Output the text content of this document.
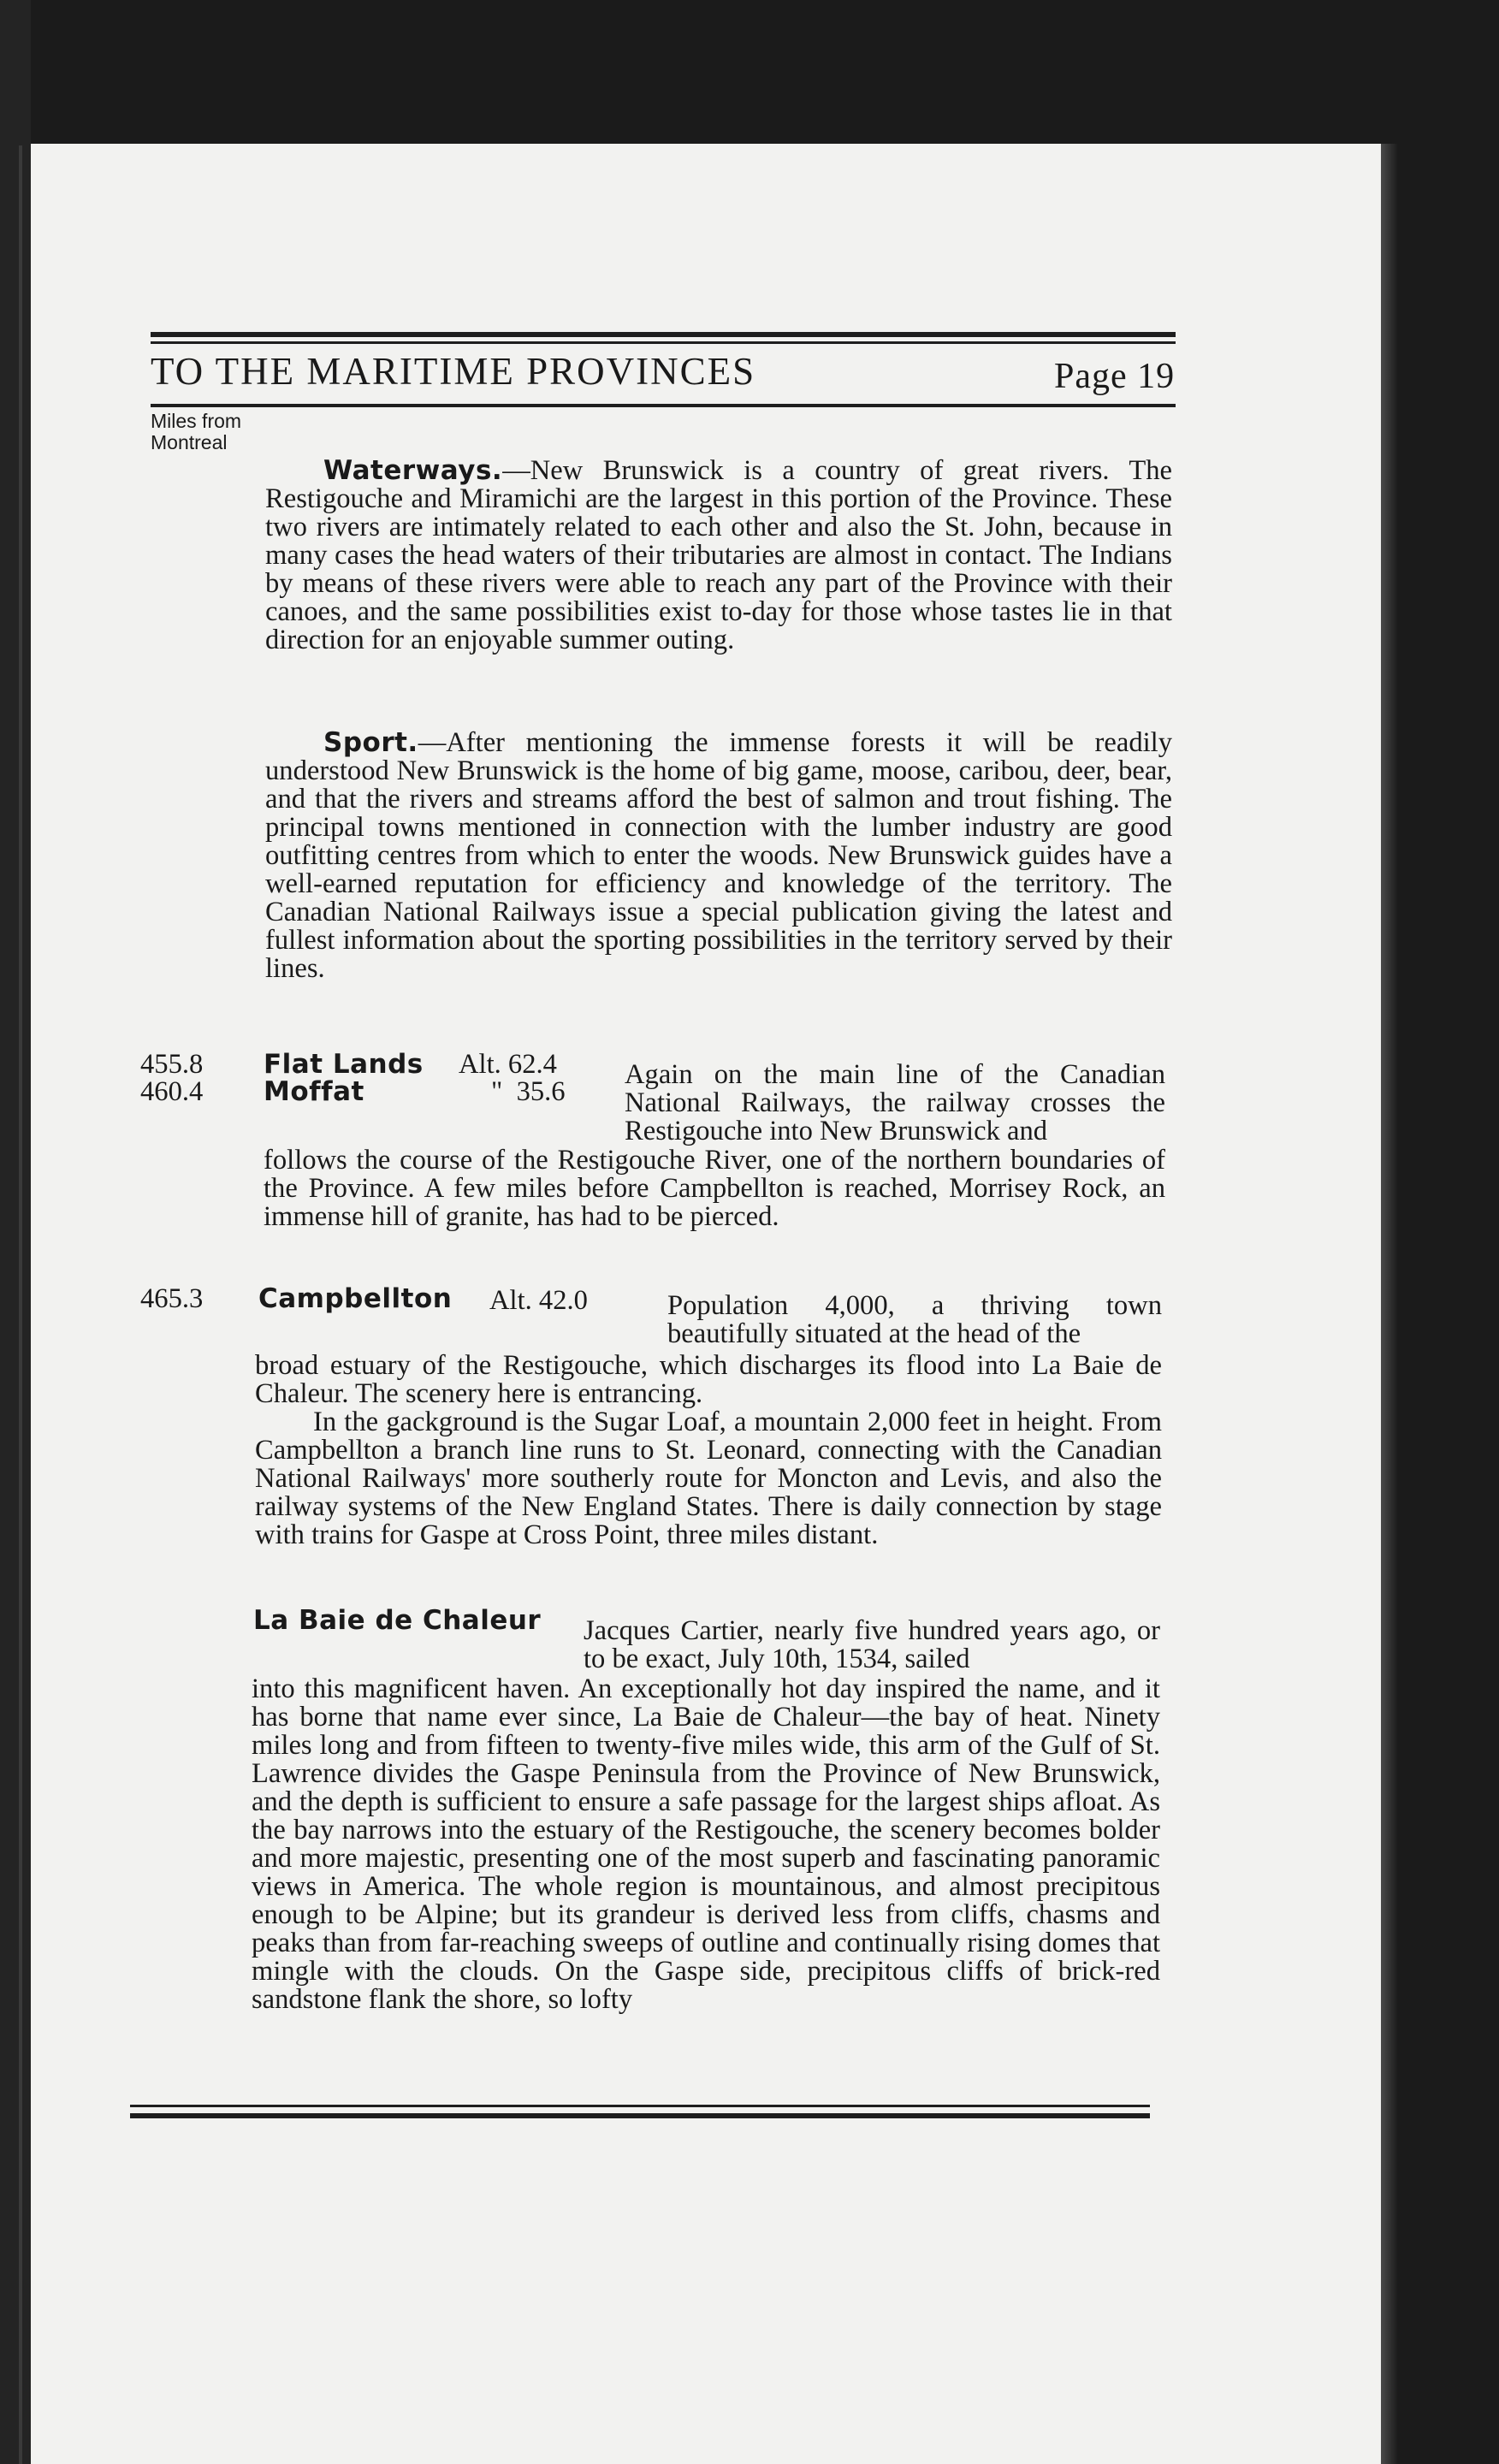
TO THE MARITIME PROVINCES	Page 19
Miles from
Montreal
Waterways.—New Brunswick is a country of great rivers. The Restigouche and Miramichi are the largest in this portion of the Province. These two rivers are intimately related to each other and also the St. John, because in many cases the head waters of their tributaries are almost in contact. The Indians by means of these rivers were able to reach any part of the Province with their canoes, and the same possibilities exist to-day for those whose tastes lie in that direction for an enjoyable summer outing.
Sport.—After mentioning the immense forests it will be readily understood New Brunswick is the home of big game, moose, caribou, deer, bear, and that the rivers and streams afford the best of salmon and trout fishing. The principal towns mentioned in connection with the lumber industry are good outfitting centres from which to enter the woods. New Brunswick guides have a well-earned reputation for efficiency and knowledge of the territory. The Canadian National Railways issue a special publication giving the latest and fullest information about the sporting possibilities in the territory served by their lines.
455.8 Flat Lands Alt. 62.4
460.4 Moffat	"  35.6
Again on the main line of the Canadian National Railways, the railway crosses the Restigouche into New Brunswick and
follows the course of the Restigouche River, one of the northern boundaries of the Province. A few miles before Campbellton is reached, Morrisey Rock, an immense hill of granite, has had to be pierced.
465.3 Campbellton Alt. 42.0	Population 4,000, a thriving town beautifully situated at the head of the

broad estuary of the Restigouche, which discharges its flood into La Baie de Chaleur. The scenery here is entrancing.

In the gackground is the Sugar Loaf, a mountain 2,000 feet in height. From Campbellton a branch line runs to St. Leonard, connecting with the Canadian National Railways' more southerly route for Moncton and Levis, and also the railway systems of the New England States. There is daily connection by stage with trains for Gaspe at Cross Point, three miles distant.

La Baie de Chaleur Jacques Cartier, nearly five hundred years ago, or to be exact, July 10th, 1534, sailed
into this magnificent haven. An exceptionally hot day inspired the name, and it has borne that name ever since, La Baie de Chaleur—the bay of heat. Ninety miles long and from fifteen to twenty-five miles wide, this arm of the Gulf of St. Lawrence divides the Gaspe Peninsula from the Province of New Brunswick, and the depth is sufficient to ensure a safe passage for the largest ships afloat. As the bay narrows into the estuary of the Restigouche, the scenery becomes bolder and more majestic, presenting one of the most superb and fascinating panoramic views in America. The whole region is mountainous, and almost precipitous enough to be Alpine; but its grandeur is derived less from cliffs, chasms and peaks than from far-reaching sweeps of outline and continually rising domes that mingle with the clouds. On the Gaspe side, precipitous cliffs of brick-red sandstone flank the shore, so lofty
